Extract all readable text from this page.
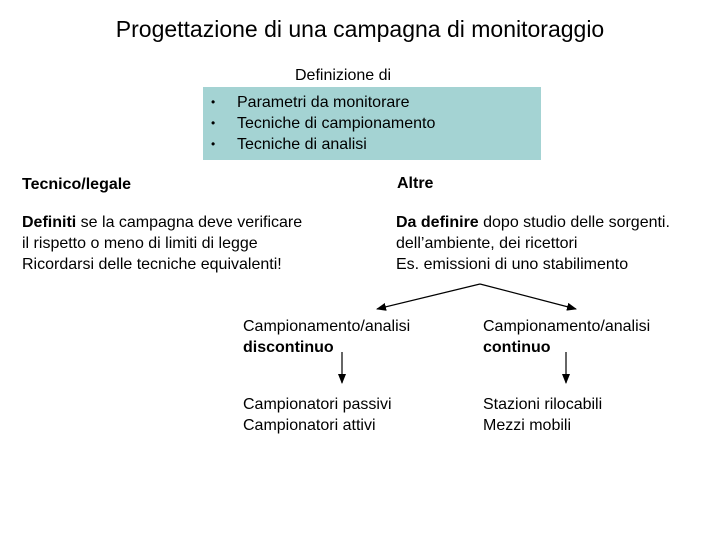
Progettazione di una campagna di monitoraggio
Definizione di
• Parametri da monitorare
• Tecniche di campionamento
• Tecniche di analisi
Tecnico/legale	Altre
Definiti se la campagna deve verificare
il rispetto o meno di limiti di legge
Ricordarsi delle tecniche equivalenti!
Da definire dopo studio delle sorgenti.
dell’ambiente, dei ricettori
Es. emissioni di uno stabilimento
Campionamento/analisi
discontinuo
Campionamento/analisi
continuo
Campionatori passivi
Campionatori attivi
Stazioni rilocabili
Mezzi mobili
